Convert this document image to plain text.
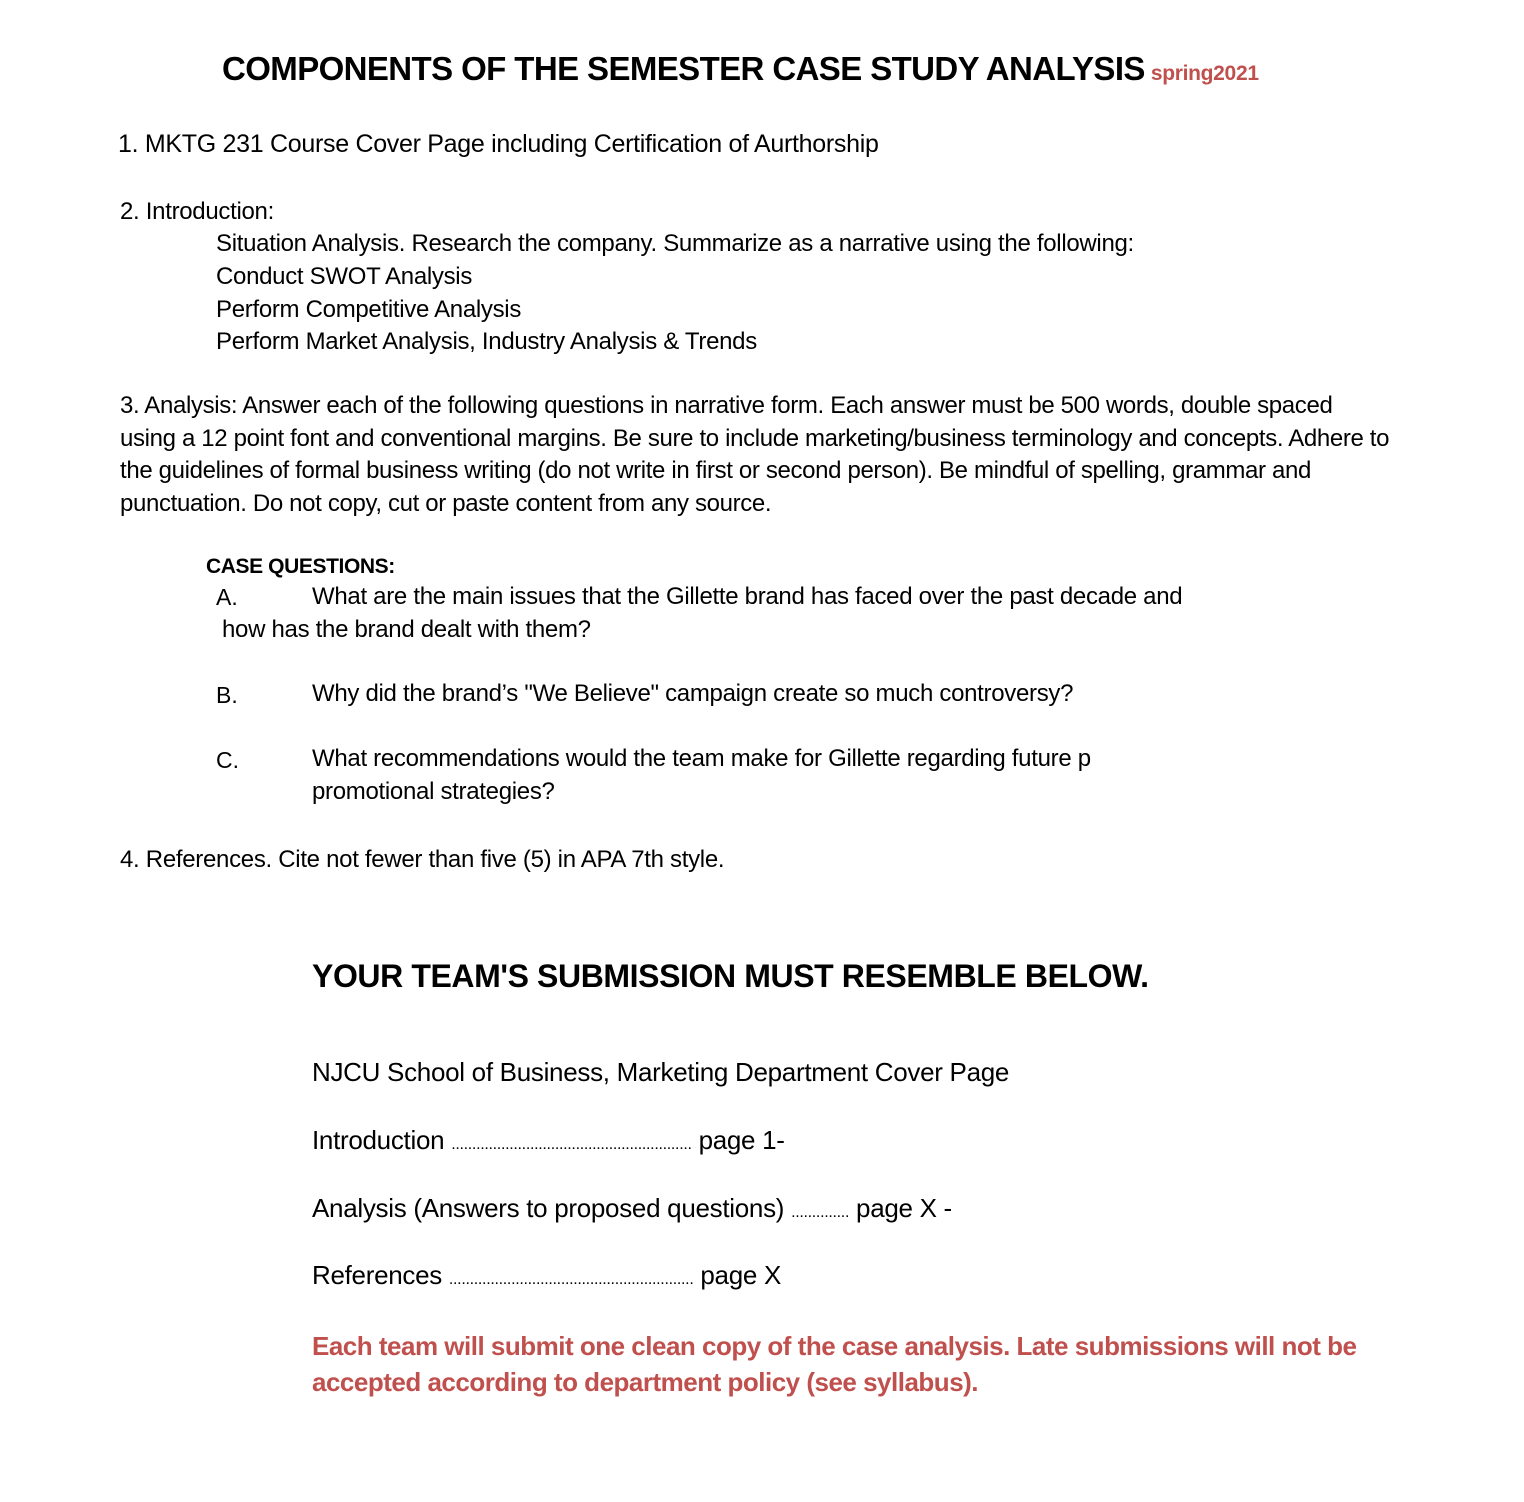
COMPONENTS OF THE SEMESTER CASE STUDY ANALYSIS spring2021
1. MKTG 231 Course Cover Page including Certification of Aurthorship
2. Introduction:
Situation Analysis. Research the company. Summarize as a narrative using the following:
Conduct SWOT Analysis
Perform Competitive Analysis
Perform Market Analysis, Industry Analysis & Trends
3. Analysis: Answer each of the following questions in narrative form. Each answer must be 500 words, double spaced using a 12 point font and conventional margins. Be sure to include marketing/business terminology and concepts. Adhere to the guidelines of formal business writing (do not write in first or second person). Be mindful of spelling, grammar and punctuation. Do not copy, cut or paste content from any source.
CASE QUESTIONS:
A.	What are the main issues that the Gillette brand has faced over the past decade and
how has the brand dealt with them?
B.	Why did the brand’s "We Believe" campaign create so much controversy?
C.	What recommendations would the team make for Gillette regarding future p
promotional strategies?
4. References. Cite not fewer than five (5) in APA 7th style.
YOUR TEAM'S SUBMISSION MUST RESEMBLE BELOW.
NJCU School of Business, Marketing Department Cover Page
Introduction .......................................................... page 1-
Analysis (Answers to proposed questions) .............. page X -
References ........................................................... page X
Each team will submit one clean copy of the case analysis. Late submissions will not be accepted according to department policy (see syllabus).
